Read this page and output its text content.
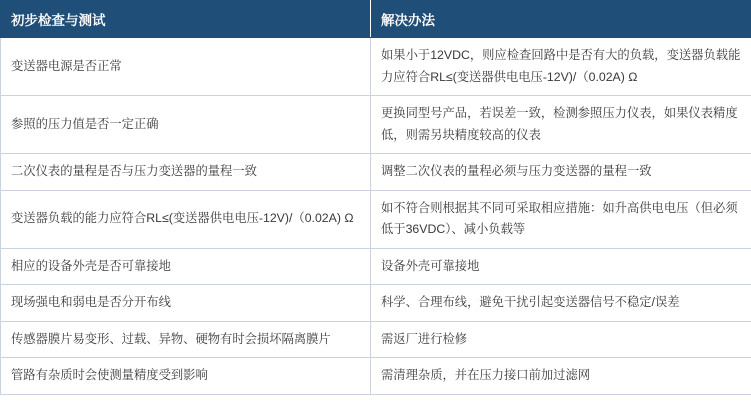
初步检查与测试	解决办法
变送器电源是否正常	如果小于12VDC，则应检查回路中是否有大的负载，变送器负载能力应符合RL≤(变送器供电电压-12V)/（0.02A) Ω
参照的压力值是否一定正确	更换同型号产品，若误差一致，检测参照压力仪表，如果仪表精度低，则需另块精度较高的仪表
二次仪表的量程是否与压力变送器的量程一致	调整二次仪表的量程必须与压力变送器的量程一致
变送器负载的能力应符合RL≤(变送器供电电压-12V)/（0.02A) Ω	如不符合则根据其不同可采取相应措施：如升高供电电压（但必须低于36VDC）、减小负载等
相应的设备外壳是否可靠接地	设备外壳可靠接地
现场强电和弱电是否分开布线	科学、合理布线，避免干扰引起变送器信号不稳定/误差
传感器膜片易变形、过载、异物、硬物有时会损坏隔离膜片	需返厂进行检修
管路有杂质时会使测量精度受到影响	需清理杂质，并在压力接口前加过滤网
